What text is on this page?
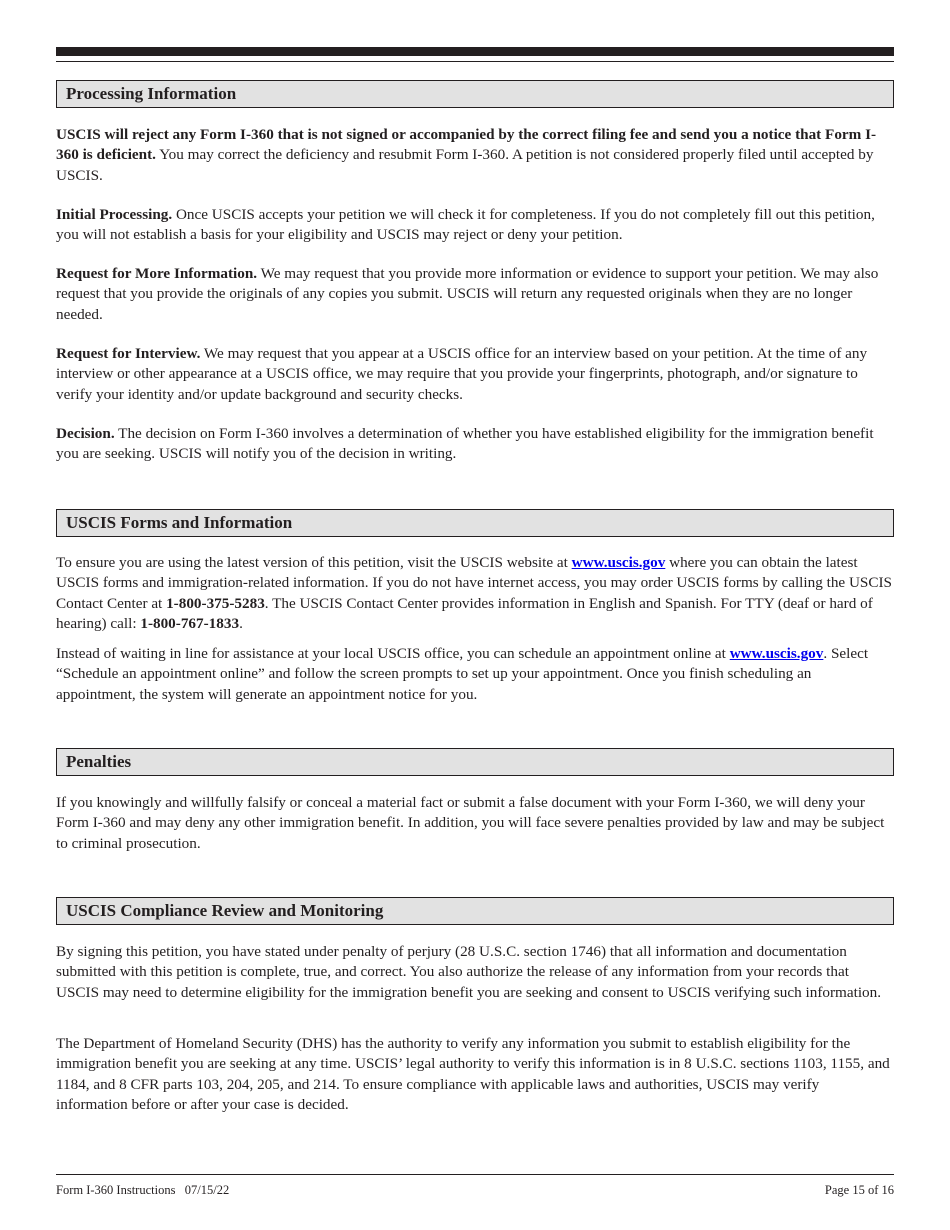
Processing Information

USCIS will reject any Form I-360 that is not signed or accompanied by the correct filing fee and send you a notice that Form I-360 is deficient. You may correct the deficiency and resubmit Form I-360. A petition is not considered properly filed until accepted by USCIS.

Initial Processing. Once USCIS accepts your petition we will check it for completeness. If you do not completely fill out this petition, you will not establish a basis for your eligibility and USCIS may reject or deny your petition.

Request for More Information. We may request that you provide more information or evidence to support your petition. We may also request that you provide the originals of any copies you submit. USCIS will return any requested originals when they are no longer needed.

Request for Interview. We may request that you appear at a USCIS office for an interview based on your petition. At the time of any interview or other appearance at a USCIS office, we may require that you provide your fingerprints, photograph, and/or signature to verify your identity and/or update background and security checks.

Decision. The decision on Form I-360 involves a determination of whether you have established eligibility for the immigration benefit you are seeking. USCIS will notify you of the decision in writing.

USCIS Forms and Information

To ensure you are using the latest version of this petition, visit the USCIS website at www.uscis.gov where you can obtain the latest USCIS forms and immigration-related information. If you do not have internet access, you may order USCIS forms by calling the USCIS Contact Center at 1-800-375-5283. The USCIS Contact Center provides information in English and Spanish. For TTY (deaf or hard of hearing) call: 1-800-767-1833.

Instead of waiting in line for assistance at your local USCIS office, you can schedule an appointment online at www.uscis.gov. Select “Schedule an appointment online” and follow the screen prompts to set up your appointment. Once you finish scheduling an appointment, the system will generate an appointment notice for you.

Penalties

If you knowingly and willfully falsify or conceal a material fact or submit a false document with your Form I-360, we will deny your Form I-360 and may deny any other immigration benefit. In addition, you will face severe penalties provided by law and may be subject to criminal prosecution.

USCIS Compliance Review and Monitoring

By signing this petition, you have stated under penalty of perjury (28 U.S.C. section 1746) that all information and documentation submitted with this petition is complete, true, and correct. You also authorize the release of any information from your records that USCIS may need to determine eligibility for the immigration benefit you are seeking and consent to USCIS verifying such information.

The Department of Homeland Security (DHS) has the authority to verify any information you submit to establish eligibility for the immigration benefit you are seeking at any time. USCIS’ legal authority to verify this information is in 8 U.S.C. sections 1103, 1155, and 1184, and 8 CFR parts 103, 204, 205, and 214. To ensure compliance with applicable laws and authorities, USCIS may verify information before or after your case is decided.

Form I-360 Instructions   07/15/22	Page 15 of 16
